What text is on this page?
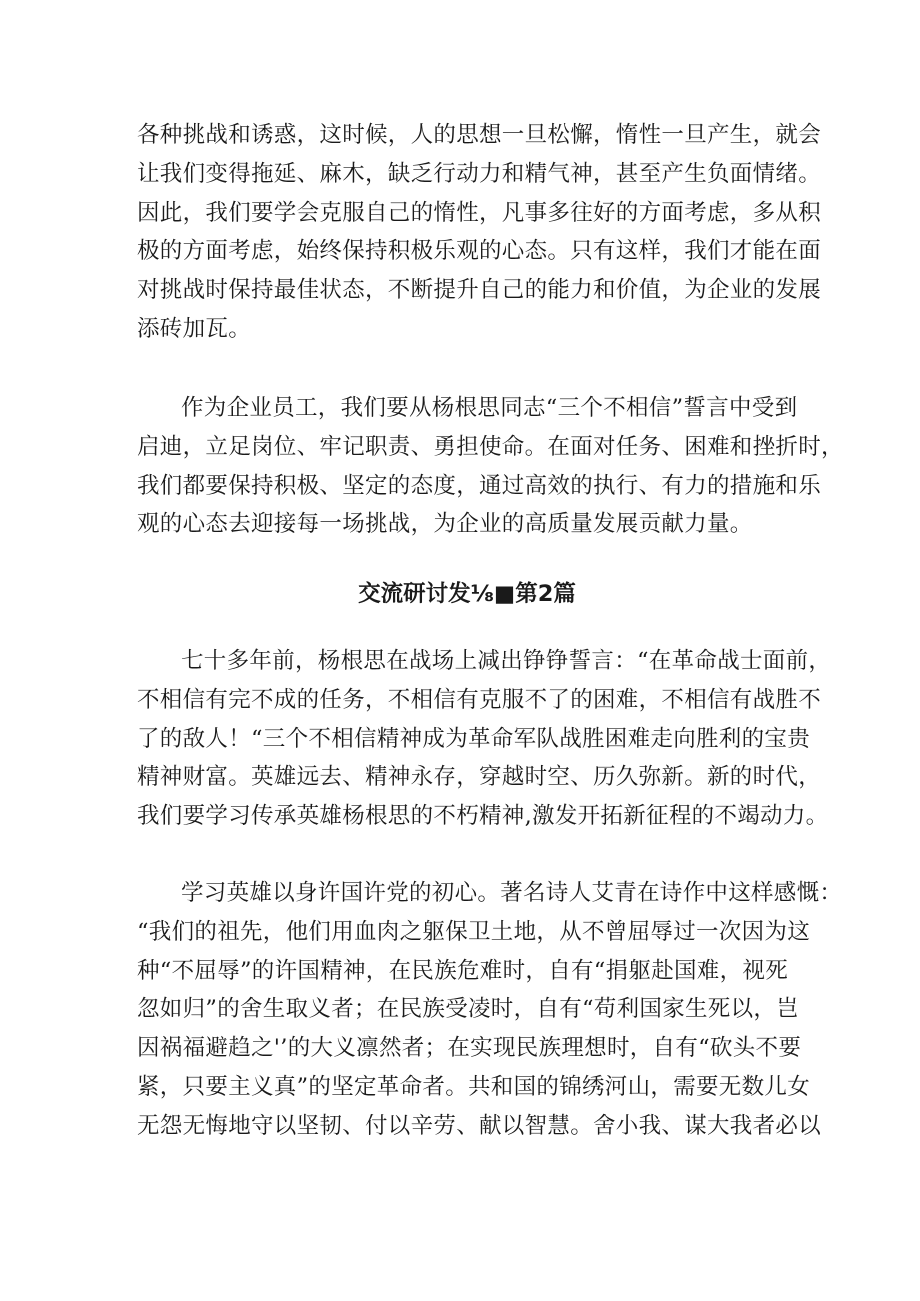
各种挑战和诱惑，这时候，人的思想一旦松懈，惰性一旦产生，就会
让我们变得拖延、麻木，缺乏行动力和精气神，甚至产生负面情绪。
因此，我们要学会克服自己的惰性，凡事多往好的方面考虑，多从积
极的方面考虑，始终保持积极乐观的心态。只有这样，我们才能在面
对挑战时保持最佳状态，不断提升自己的能力和价值，为企业的发展
添砖加瓦。
作为企业员工，我们要从杨根思同志“三个不相信”誓言中受到
启迪，立足岗位、牢记职责、勇担使命。在面对任务、困难和挫折时，
我们都要保持积极、坚定的态度，通过高效的执行、有力的措施和乐
观的心态去迎接每一场挑战，为企业的高质量发展贡献力量。
交流研讨发⅛■第2篇
七十多年前，杨根思在战场上减出铮铮誓言：“在革命战士面前，
不相信有完不成的任务，不相信有克服不了的困难，不相信有战胜不
了的敌人！“三个不相信精神成为革命军队战胜困难走向胜利的宝贵
精神财富。英雄远去、精神永存，穿越时空、历久弥新。新的时代，
我们要学习传承英雄杨根思的不朽精神,激发开拓新征程的不竭动力。
学习英雄以身许国许党的初心。著名诗人艾青在诗作中这样感慨：
“我们的祖先，他们用血肉之躯保卫土地，从不曾屈辱过一次因为这
种“不屈辱”的许国精神，在民族危难时，自有“捐躯赴国难，视死
忽如归”的舍生取义者；在民族受凌时，自有“苟利国家生死以，岂
因祸福避趋之'’的大义凛然者；在实现民族理想时，自有“砍头不要
紧，只要主义真”的坚定革命者。共和国的锦绣河山，需要无数儿女
无怨无悔地守以坚韧、付以辛劳、献以智慧。舍小我、谋大我者必以
